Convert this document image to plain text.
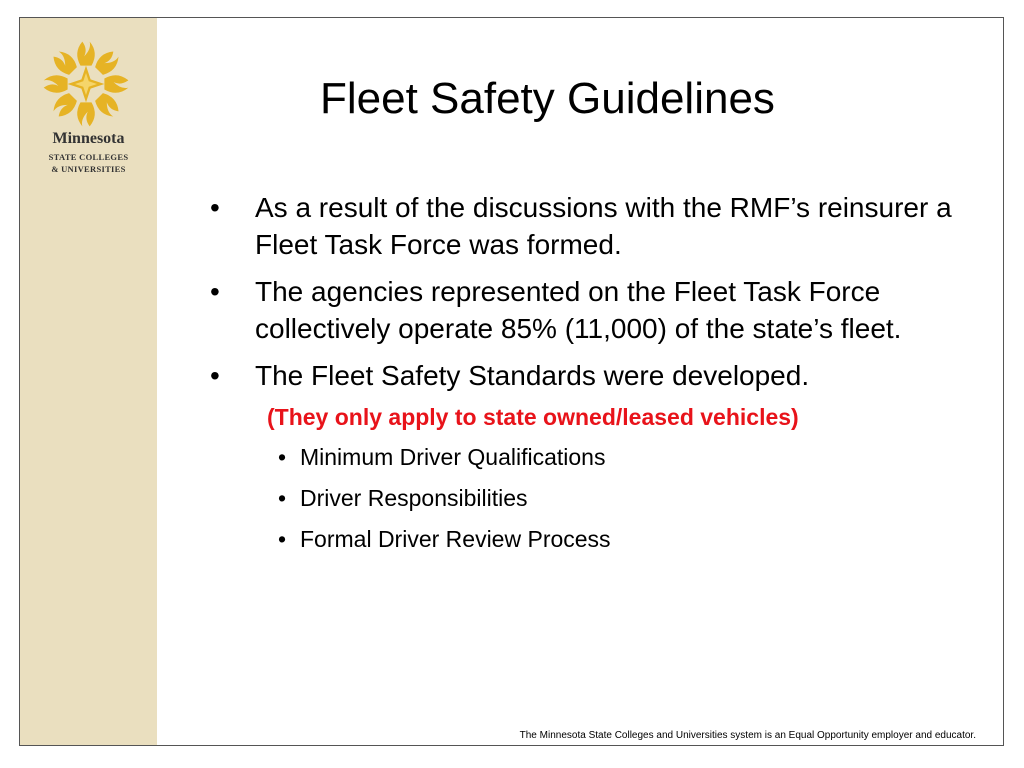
Minnesota
STATE COLLEGES
& UNIVERSITIES
Fleet Safety Guidelines
• As a result of the discussions with the RMF’s reinsurer a Fleet Task Force was formed.
• The agencies represented on the Fleet Task Force collectively operate 85% (11,000) of the state’s fleet.
• The Fleet Safety Standards were developed.
(They only apply to state owned/leased vehicles)
• Minimum Driver Qualifications
• Driver Responsibilities
• Formal Driver Review Process
The Minnesota State Colleges and Universities system is an Equal Opportunity employer and educator.
